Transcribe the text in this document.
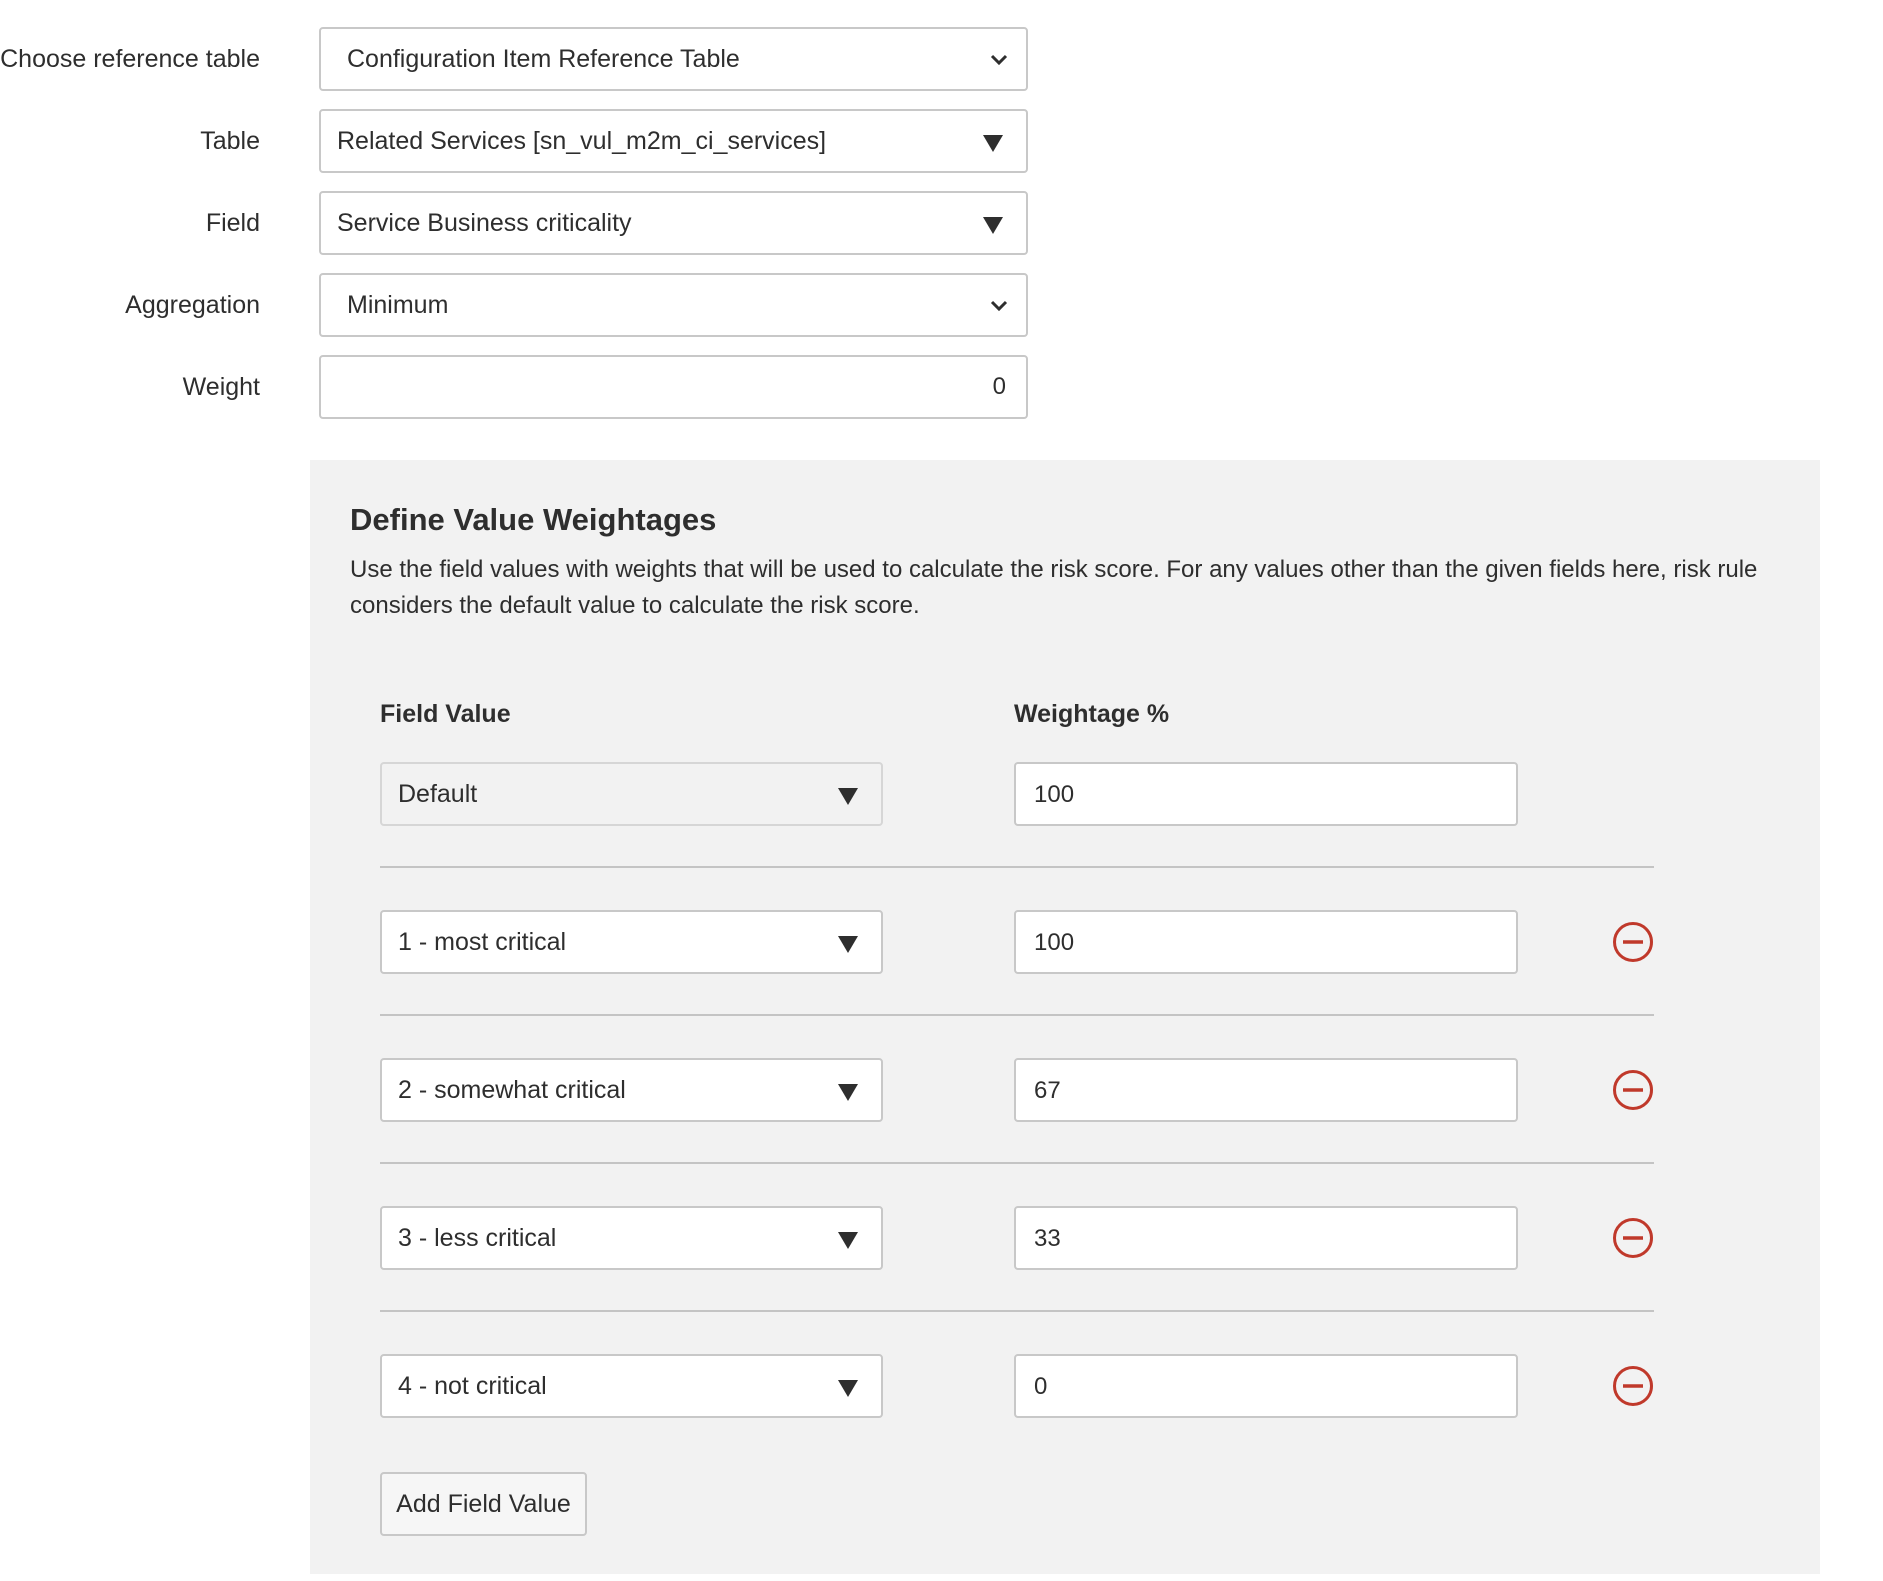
Choose reference table	Configuration Item Reference Table
Table	Related Services [sn_vul_m2m_ci_services]
Field	Service Business criticality
Aggregation	Minimum
Weight	0
Define Value Weightages

Use the field values with weights that will be used to calculate the risk score. For any values other than the given fields here, risk rule considers the default value to calculate the risk score.

Field Value	Weightage %
Default	100
1 - most critical	100
2 - somewhat critical	67
3 - less critical	33
4 - not critical	0
Add Field Value
